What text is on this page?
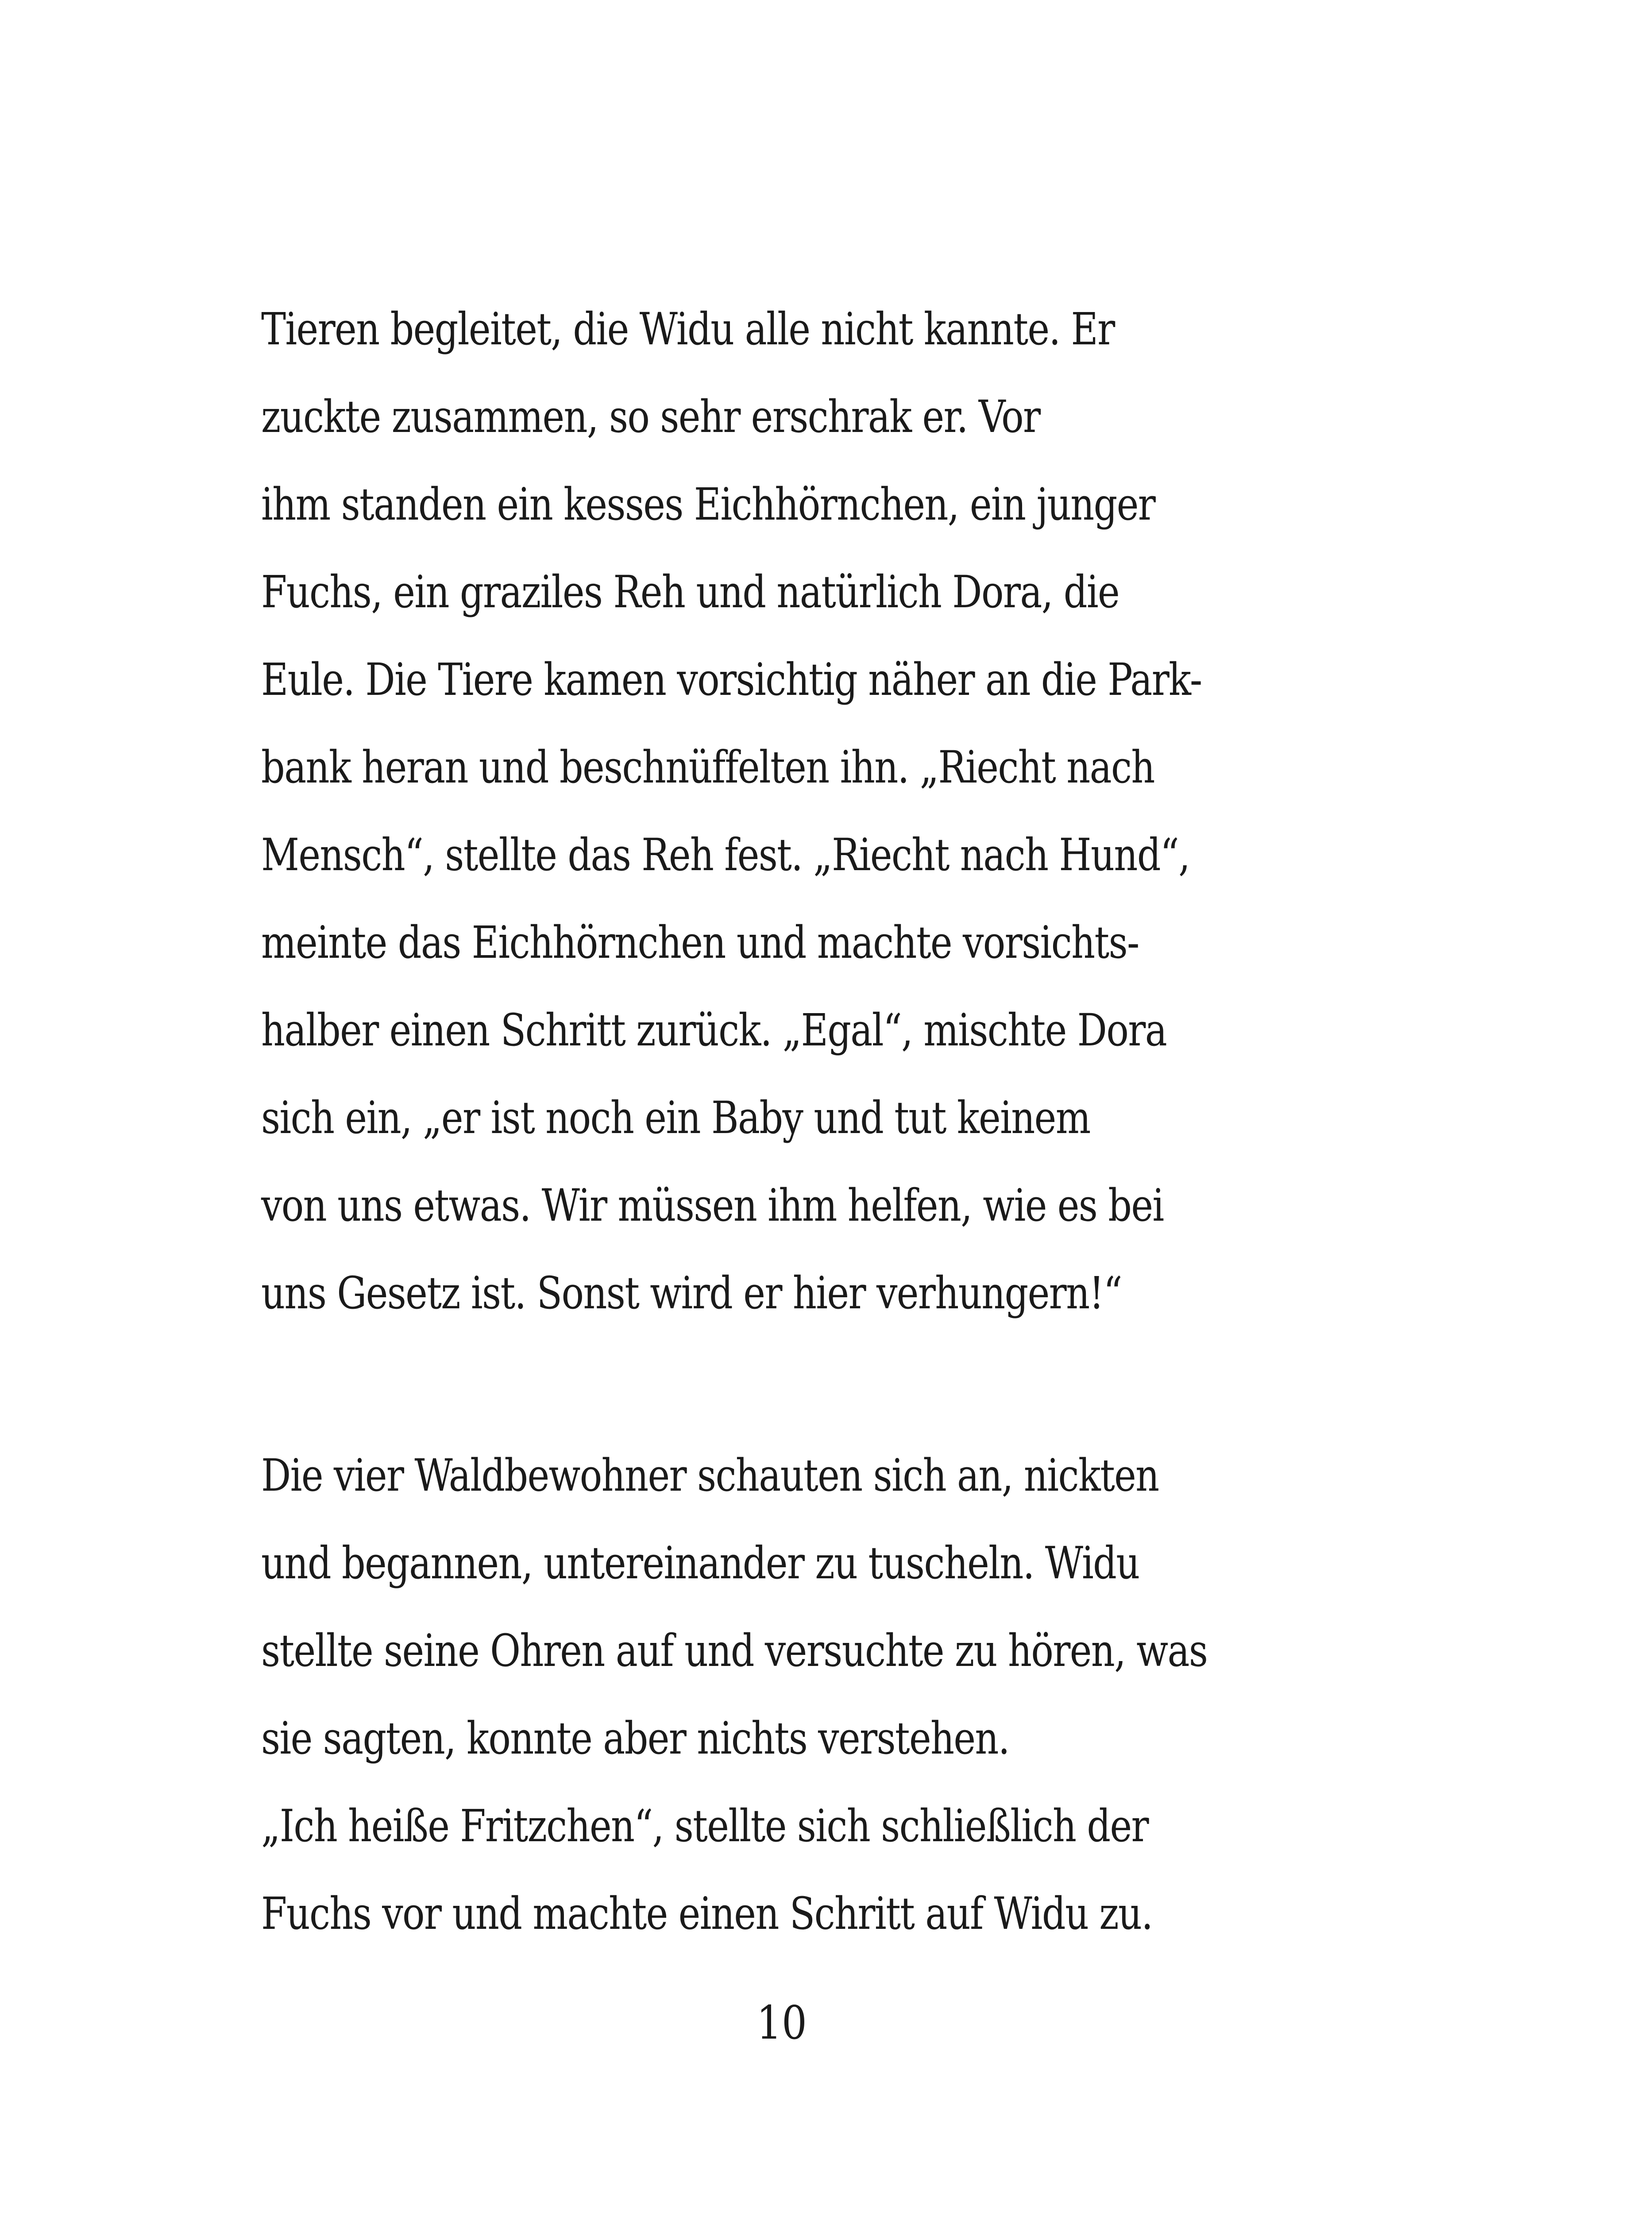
Tieren begleitet, die Widu alle nicht kannte. Er
zuckte zusammen, so sehr erschrak er. Vor
ihm standen ein kesses Eichhörnchen, ein junger
Fuchs, ein graziles Reh und natürlich Dora, die
Eule. Die Tiere kamen vorsichtig näher an die Park-
bank heran und beschnüffelten ihn. „Riecht nach
Mensch“, stellte das Reh fest. „Riecht nach Hund“,
meinte das Eichhörnchen und machte vorsichts-
halber einen Schritt zurück. „Egal“, mischte Dora
sich ein, „er ist noch ein Baby und tut keinem
von uns etwas. Wir müssen ihm helfen, wie es bei
uns Gesetz ist. Sonst wird er hier verhungern!“
Die vier Waldbewohner schauten sich an, nickten
und begannen, untereinander zu tuscheln. Widu
stellte seine Ohren auf und versuchte zu hören, was
sie sagten, konnte aber nichts verstehen.
„Ich heiße Fritzchen“, stellte sich schließlich der
Fuchs vor und machte einen Schritt auf Widu zu.
10
